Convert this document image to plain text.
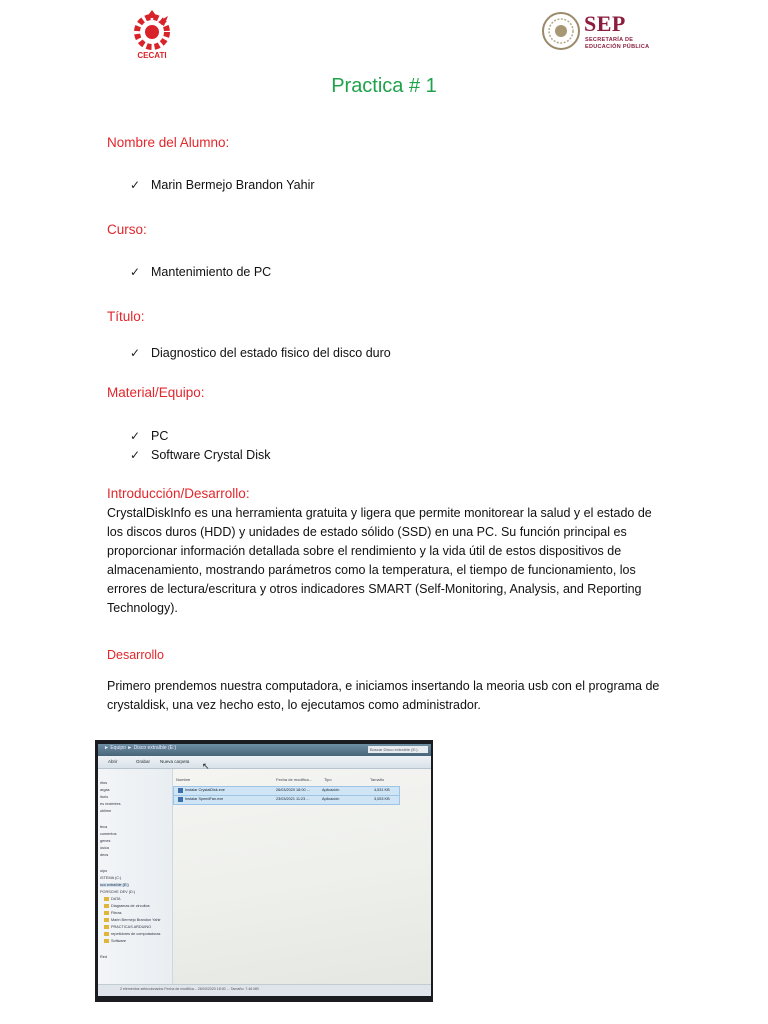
CECATI
SEP
SECRETARÍA DE EDUCACIÓN PÚBLICA
Practica # 1
Nombre del Alumno:
✓ Marin Bermejo Brandon Yahir
Curso:
✓ Mantenimiento de PC
Título:
✓ Diagnostico del estado fisico del disco duro
Material/Equipo:
✓ PC
✓ Software Crystal Disk
Introducción/Desarrollo:
CrystalDiskInfo es una herramienta gratuita y ligera que permite monitorear la salud y el estado de los discos duros (HDD) y unidades de estado sólido (SSD) en una PC. Su función principal es proporcionar información detallada sobre el rendimiento y la vida útil de estos dispositivos de almacenamiento, mostrando parámetros como la temperatura, el tiempo de funcionamiento, los errores de lectura/escritura y otros indicadores SMART (Self-Monitoring, Analysis, and Reporting Technology).
Desarrollo
Primero prendemos nuestra computadora, e iniciamos insertando la meoria usb con el programa de crystaldisk, una vez hecho esto, lo ejecutamos como administrador.
► Equipo ► Disco extraíble (E:)	Buscar Disco extraíble (E:)
Abrir	Grabar Nueva carpeta ↖
ritos
argas
itorio
es recientes
ublime
teca
cumentos
genes
úsica
deos
uipo
ISTEMA (C:)
sco extraíble (E:)
PORSCHE DEV (D:)
DATA
Diagramas de circuitos
Fibras
Marin Bermejo Brandon Yahir
PRACTICAS ARDUINO
repetidores de computadoras
Software
Red
Nombre	Fecha de modifica...	Tipo	Tamaño
Instalar CrystalDisk.exe	26/03/2020 18:00 ...	Aplicación	4,531 KB
Instalar SpeedFan.exe	23/03/2021 11:23 ...	Aplicación	3,053 KB
2 elementos seleccionados Fecha de modifica... 26/03/2020 18:00 ... Tamaño: 7.46 MB
